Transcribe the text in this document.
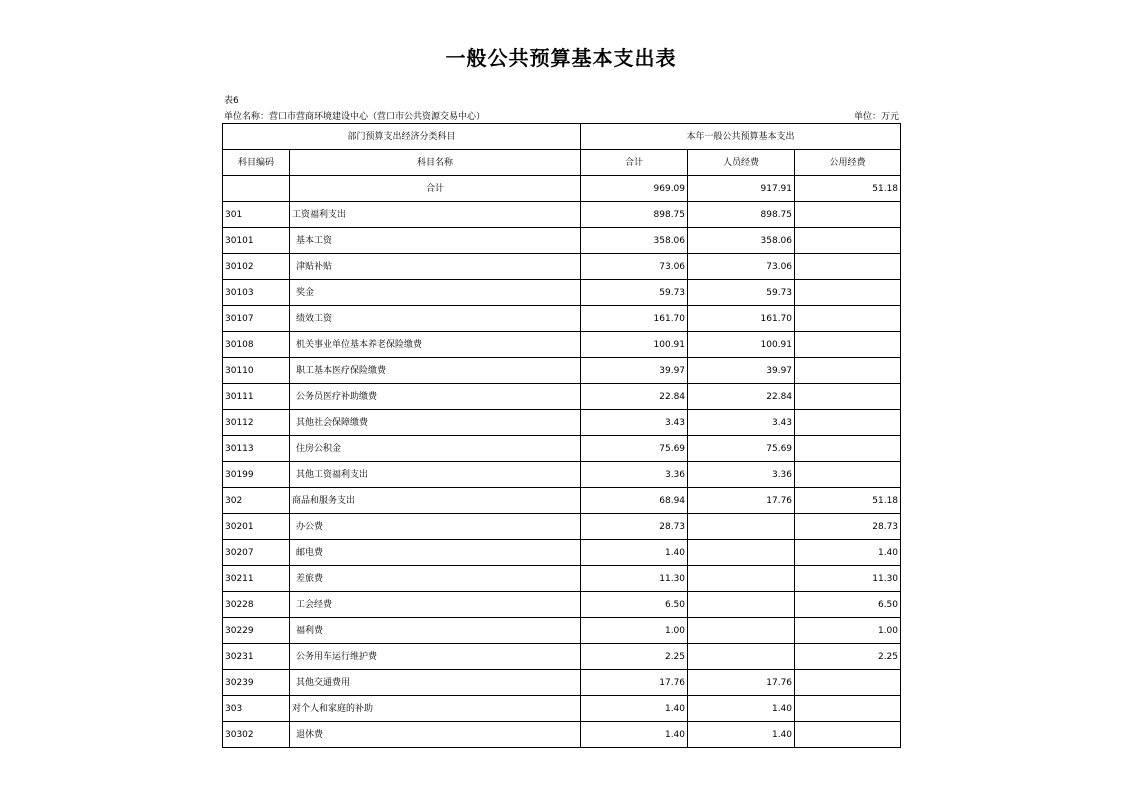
一般公共预算基本支出表
表6
单位名称：营口市营商环境建设中心（营口市公共资源交易中心）	单位：万元
部门预算支出经济分类科目		本年一般公共预算基本支出		
科目编码	科目名称	合计	人员经费	公用经费
	合计	969.09	917.91	51.18
301	工资福利支出	898.75	898.75	
30101	基本工资	358.06	358.06	
30102	津贴补贴	73.06	73.06	
30103	奖金	59.73	59.73	
30107	绩效工资	161.70	161.70	
30108	机关事业单位基本养老保险缴费	100.91	100.91	
30110	职工基本医疗保险缴费	39.97	39.97	
30111	公务员医疗补助缴费	22.84	22.84	
30112	其他社会保障缴费	3.43	3.43	
30113	住房公积金	75.69	75.69	
30199	其他工资福利支出	3.36	3.36	
302	商品和服务支出	68.94	17.76	51.18
30201	办公费	28.73		28.73
30207	邮电费	1.40		1.40
30211	差旅费	11.30		11.30
30228	工会经费	6.50		6.50
30229	福利费	1.00		1.00
30231	公务用车运行维护费	2.25		2.25
30239	其他交通费用	17.76	17.76	
303	对个人和家庭的补助	1.40	1.40	
30302	退休费	1.40	1.40	
